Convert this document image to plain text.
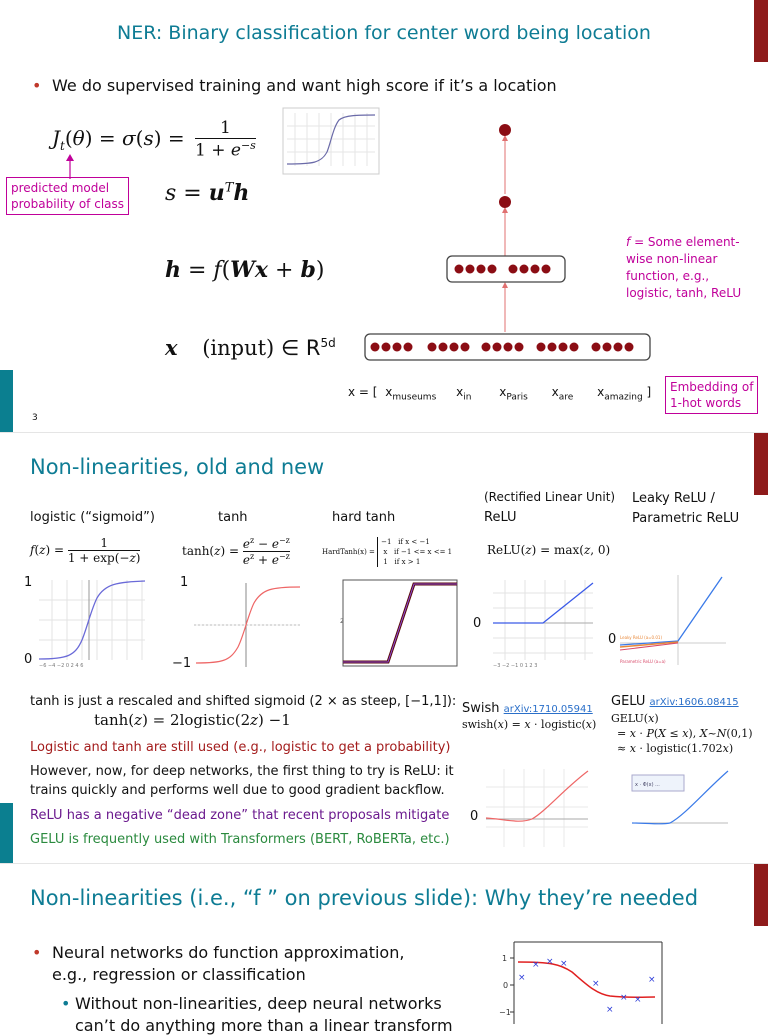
NER: Binary classification for center word being location
• We do supervised training and want high score if it’s a location
$J_t(\theta) = \sigma(s) = \frac{1}{1 + e^{-s}}$
predicted model
probability of class $s = u^Th$
h = f(Wx + b)
x (input) ∈ $R^{5d}$
f = Some element-
wise non-linear
function, e.g.,
logistic, tanh, ReLU
x = [ $x_{museums}$ $x_{in}$ $x_{Paris}$ $x_{are}$ $x_{amazing}$ ] Embedding of
1-hot words
3
Non-linearities, old and new
logistic (“sigmoid”)	tanh	hard tanh
(Rectified Linear Unit)
ReLU
Leaky ReLU /
Parametric ReLU
$f(z) = \frac{1}{1 + \exp(-z)}$	$\tanh(z) = \frac{e^z - e^{-z}}{e^z + e^{-z}}$	HardTanh(x) =
−1   if x < −1
x   if −1 <= x <= 1
1   if x > 1
ReLU(z) = max(z, 0)
1
0 −6 −4 −2 0 2 4 6
1
−1
2	0
−3 −2 −1 0 1 2 3
0 Leaky ReLU (a=0.01)
Parametric ReLU (a=a)
tanh is just a rescaled and shifted sigmoid (2 × as steep, [−1,1]):
tanh(z) = 2logistic(2z) −1
Logistic and tanh are still used (e.g., logistic to get a probability)
However, now, for deep networks, the first thing to try is ReLU: it
trains quickly and performs well due to good gradient backflow.
ReLU has a negative “dead zone” that recent proposals mitigate
GELU is frequently used with Transformers (BERT, RoBERTa, etc.)
Swish arXiv:1710.05941
swish(x) = x · logistic(x)
GELU arXiv:1606.08415
GELU(x)
= x · P(X ≤ x), X~N(0,1)
≈ x · logistic(1.702x)
0
x · Φ(x) ...
Non-linearities (i.e., “f ” on previous slide): Why they’re needed
• Neural networks do function approximation,
e.g., regression or classification
• Without non-linearities, deep neural networks
can’t do anything more than a linear transform
1
0
−1
×
× × ×
×
×
× ×
×
